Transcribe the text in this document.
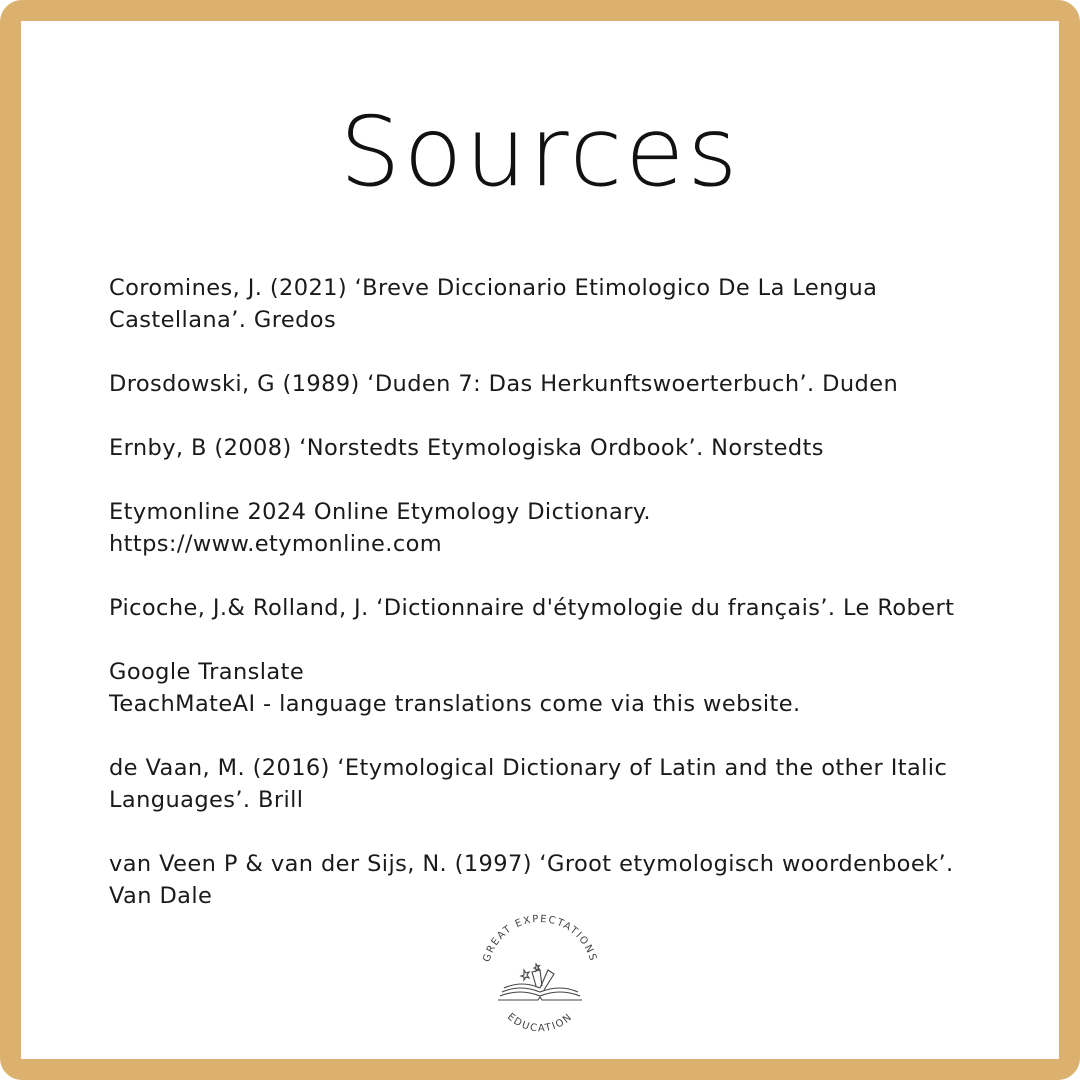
Sources
Coromines, J. (2021) ‘Breve Diccionario Etimologico De La Lengua
Castellana’. Gredos
Drosdowski, G (1989) ‘Duden 7: Das Herkunftswoerterbuch’. Duden
Ernby, B (2008) ‘Norstedts Etymologiska Ordbook’. Norstedts
Etymonline 2024 Online Etymology Dictionary.
https://www.etymonline.com
Picoche, J.& Rolland, J. ‘Dictionnaire d'étymologie du français’. Le Robert
Google Translate
TeachMateAI - language translations come via this website.
de Vaan, M. (2016) ‘Etymological Dictionary of Latin and the other Italic
Languages’. Brill
van Veen P & van der Sijs, N. (1997) ‘Groot etymologisch woordenboek’.
Van Dale
GREAT EXPECTATIONS
EDUCATION
